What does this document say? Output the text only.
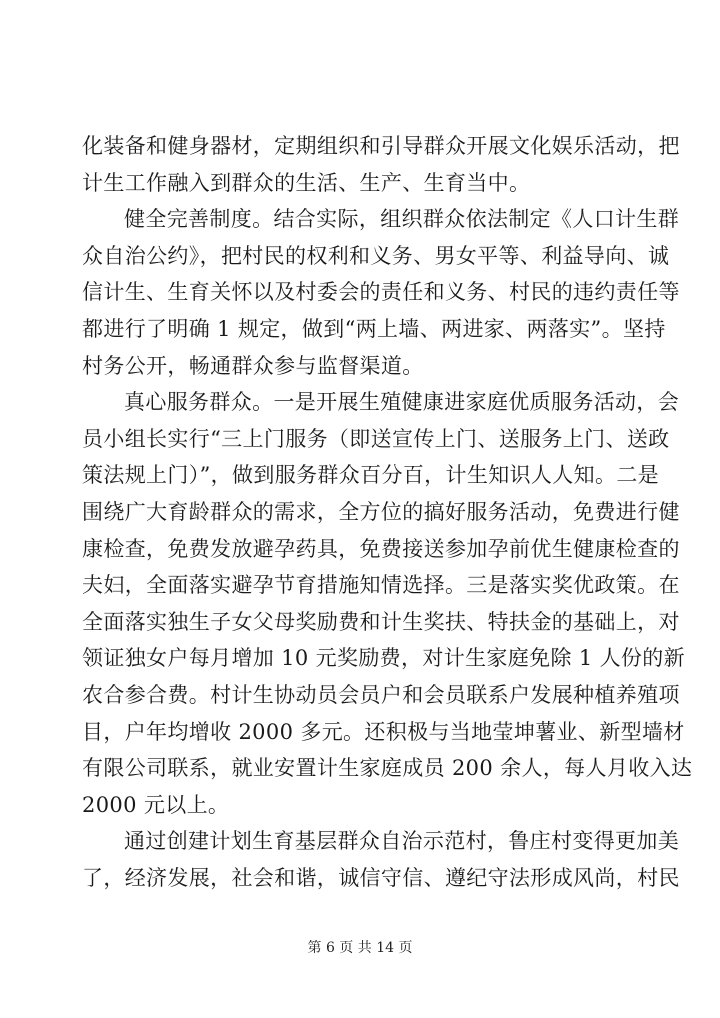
化装备和健身器材，定期组织和引导群众开展文化娱乐活动，把
计生工作融入到群众的生活、生产、生育当中。
健全完善制度。结合实际，组织群众依法制定《人口计生群
众自治公约》，把村民的权利和义务、男女平等、利益导向、诚
信计生、生育关怀以及村委会的责任和义务、村民的违约责任等
都进行了明确 1 规定，做到“两上墙、两进家、两落实”。坚持
村务公开，畅通群众参与监督渠道。
真心服务群众。一是开展生殖健康进家庭优质服务活动，会
员小组长实行“三上门服务（即送宣传上门、送服务上门、送政
策法规上门）”，做到服务群众百分百，计生知识人人知。二是
围绕广大育龄群众的需求，全方位的搞好服务活动，免费进行健
康检查，免费发放避孕药具，免费接送参加孕前优生健康检查的
夫妇，全面落实避孕节育措施知情选择。三是落实奖优政策。在
全面落实独生子女父母奖励费和计生奖扶、特扶金的基础上，对
领证独女户每月增加 10 元奖励费，对计生家庭免除 1 人份的新
农合参合费。村计生协动员会员户和会员联系户发展种植养殖项
目，户年均增收 2000 多元。还积极与当地莹坤薯业、新型墙材
有限公司联系，就业安置计生家庭成员 200 余人，每人月收入达
2000 元以上。
通过创建计划生育基层群众自治示范村，鲁庄村变得更加美
了，经济发展，社会和谐，诚信守信、遵纪守法形成风尚，村民
第 6 页 共 14 页
